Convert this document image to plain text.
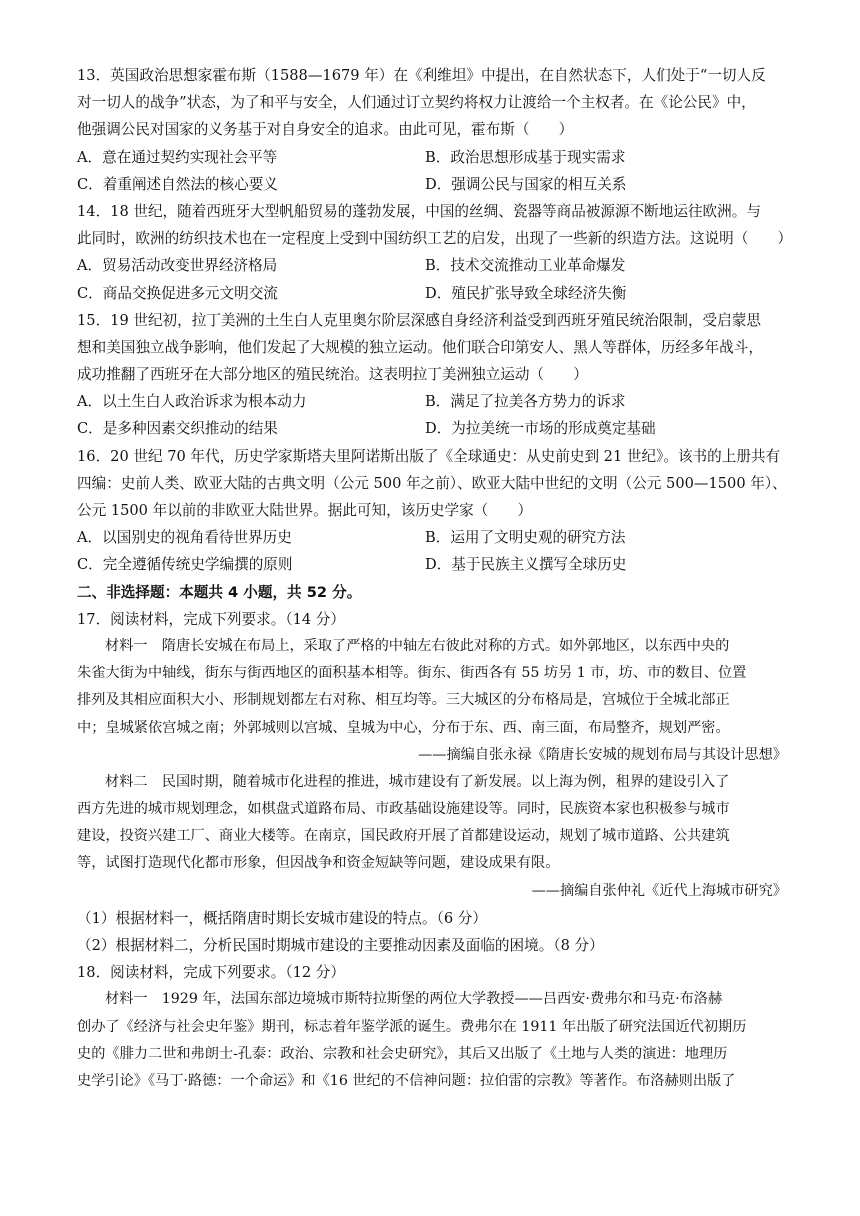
13．英国政治思想家霍布斯（1588—1679 年）在《利维坦》中提出，在自然状态下，人们处于“一切人反
对一切人的战争”状态，为了和平与安全，人们通过订立契约将权力让渡给一个主权者。在《论公民》中，
他强调公民对国家的义务基于对自身安全的追求。由此可见，霍布斯（　　）
A．意在通过契约实现社会平等	B．政治思想形成基于现实需求
C．着重阐述自然法的核心要义	D．强调公民与国家的相互关系
14．18 世纪，随着西班牙大型帆船贸易的蓬勃发展，中国的丝绸、瓷器等商品被源源不断地运往欧洲。与
此同时，欧洲的纺织技术也在一定程度上受到中国纺织工艺的启发，出现了一些新的织造方法。这说明（　　）
A．贸易活动改变世界经济格局	B．技术交流推动工业革命爆发
C．商品交换促进多元文明交流	D．殖民扩张导致全球经济失衡
15．19 世纪初，拉丁美洲的土生白人克里奥尔阶层深感自身经济利益受到西班牙殖民统治限制，受启蒙思
想和美国独立战争影响，他们发起了大规模的独立运动。他们联合印第安人、黑人等群体，历经多年战斗，
成功推翻了西班牙在大部分地区的殖民统治。这表明拉丁美洲独立运动（　　）
A．以土生白人政治诉求为根本动力	B．满足了拉美各方势力的诉求
C．是多种因素交织推动的结果	D．为拉美统一市场的形成奠定基础
16．20 世纪 70 年代，历史学家斯塔夫里阿诺斯出版了《全球通史：从史前史到 21 世纪》。该书的上册共有
四编：史前人类、欧亚大陆的古典文明（公元 500 年之前）、欧亚大陆中世纪的文明（公元 500—1500 年）、
公元 1500 年以前的非欧亚大陆世界。据此可知，该历史学家（　　）
A．以国别史的视角看待世界历史	B．运用了文明史观的研究方法
C．完全遵循传统史学编撰的原则	D．基于民族主义撰写全球历史
二、非选择题：本题共 4 小题，共 52 分。
17．阅读材料，完成下列要求。（14 分）
材料一　隋唐长安城在布局上，采取了严格的中轴左右彼此对称的方式。如外郭地区，以东西中央的
朱雀大街为中轴线，街东与街西地区的面积基本相等。街东、街西各有 55 坊另 1 市，坊、市的数目、位置
排列及其相应面积大小、形制规划都左右对称、相互均等。三大城区的分布格局是，宫城位于全城北部正
中；皇城紧依宫城之南；外郭城则以宫城、皇城为中心，分布于东、西、南三面，布局整齐，规划严密。
——摘编自张永禄《隋唐长安城的规划布局与其设计思想》
材料二　民国时期，随着城市化进程的推进，城市建设有了新发展。以上海为例，租界的建设引入了
西方先进的城市规划理念，如棋盘式道路布局、市政基础设施建设等。同时，民族资本家也积极参与城市
建设，投资兴建工厂、商业大楼等。在南京，国民政府开展了首都建设运动，规划了城市道路、公共建筑
等，试图打造现代化都市形象，但因战争和资金短缺等问题，建设成果有限。
——摘编自张仲礼《近代上海城市研究》
（1）根据材料一，概括隋唐时期长安城市建设的特点。（6 分）
（2）根据材料二，分析民国时期城市建设的主要推动因素及面临的困境。（8 分）
18．阅读材料，完成下列要求。（12 分）
材料一　1929 年，法国东部边境城市斯特拉斯堡的两位大学教授——吕西安·费弗尔和马克·布洛赫
创办了《经济与社会史年鉴》期刊，标志着年鉴学派的诞生。费弗尔在 1911 年出版了研究法国近代初期历
史的《腓力二世和弗朗士-孔泰：政治、宗教和社会史研究》，其后又出版了《土地与人类的演进：地理历
史学引论》《马丁·路德：一个命运》和《16 世纪的不信神问题：拉伯雷的宗教》等著作。布洛赫则出版了
